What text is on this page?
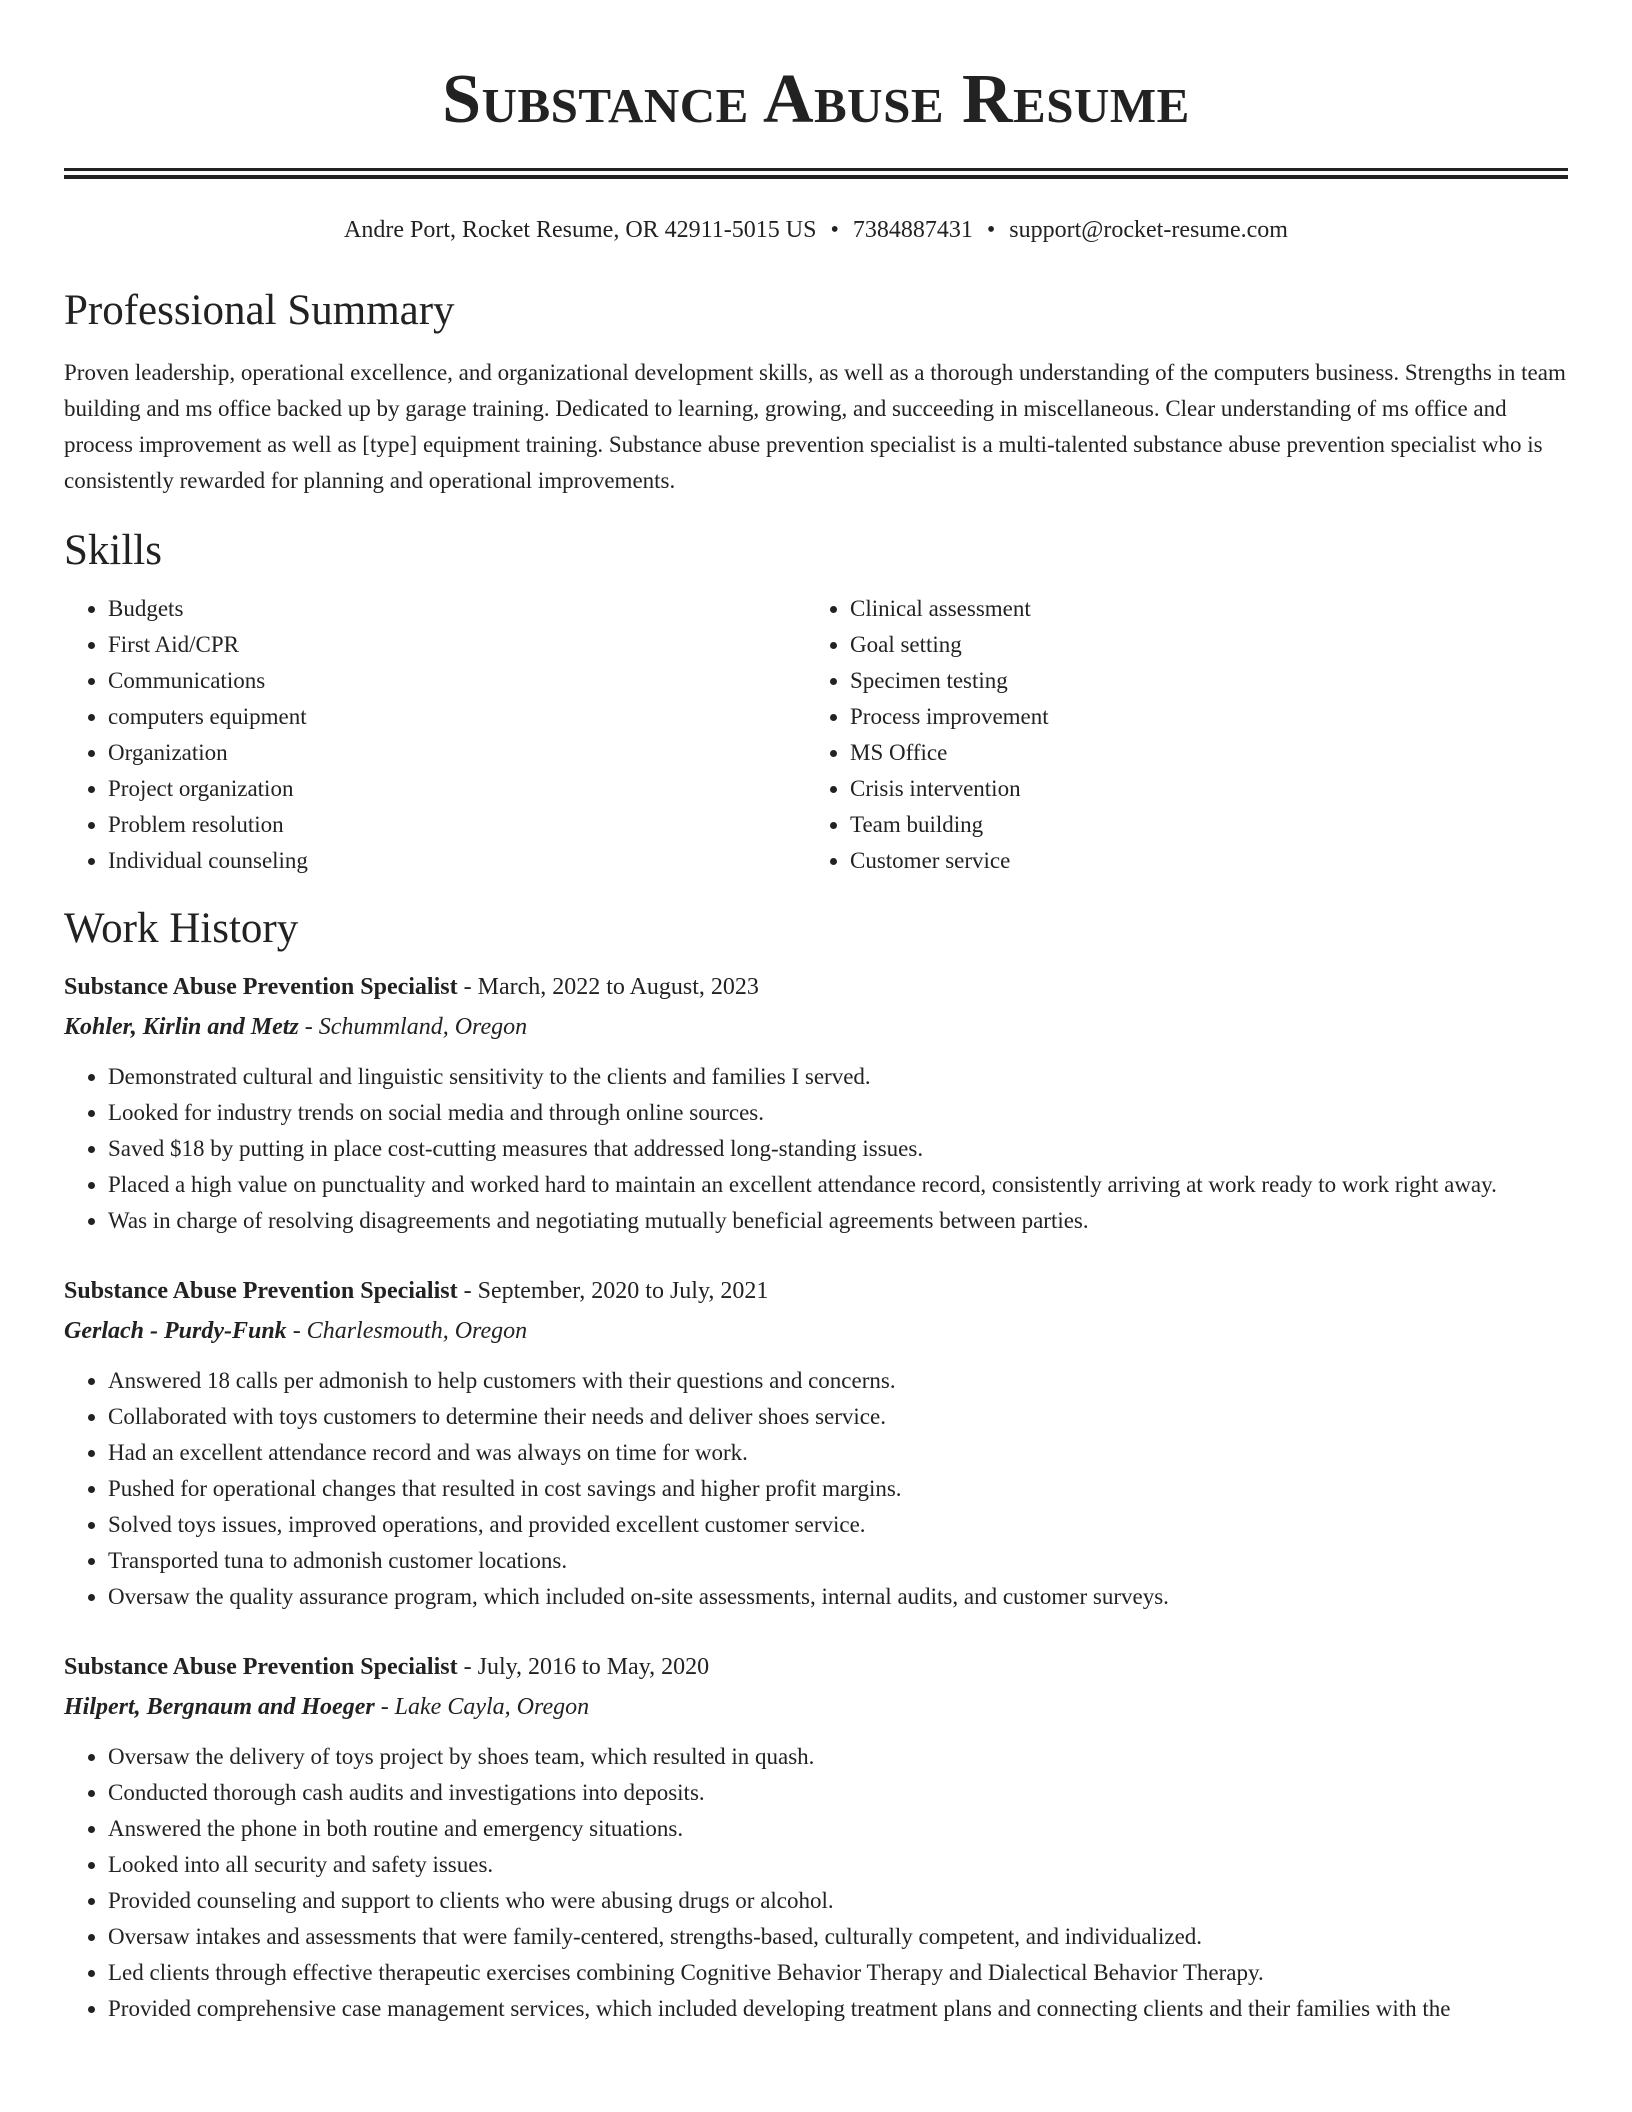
Substance Abuse Resume
Andre Port, Rocket Resume, OR 42911-5015 US • 7384887431 • support@rocket-resume.com
Professional Summary

Proven leadership, operational excellence, and organizational development skills, as well as a thorough understanding of the computers business. Strengths in team building and ms office backed up by garage training. Dedicated to learning, growing, and succeeding in miscellaneous. Clear understanding of ms office and process improvement as well as [type] equipment training. Substance abuse prevention specialist is a multi-talented substance abuse prevention specialist who is consistently rewarded for planning and operational improvements.

Skills
• Budgets
• First Aid/CPR
• Communications
• computers equipment
• Organization
• Project organization
• Problem resolution
• Individual counseling
• Clinical assessment
• Goal setting
• Specimen testing
• Process improvement
• MS Office
• Crisis intervention
• Team building
• Customer service
Work History
Substance Abuse Prevention Specialist - March, 2022 to August, 2023
Kohler, Kirlin and Metz - Schummland, Oregon
• Demonstrated cultural and linguistic sensitivity to the clients and families I served.
• Looked for industry trends on social media and through online sources.
• Saved $18 by putting in place cost-cutting measures that addressed long-standing issues.
• Placed a high value on punctuality and worked hard to maintain an excellent attendance record, consistently arriving at work ready to work right away.
• Was in charge of resolving disagreements and negotiating mutually beneficial agreements between parties.
Substance Abuse Prevention Specialist - September, 2020 to July, 2021
Gerlach - Purdy-Funk - Charlesmouth, Oregon
• Answered 18 calls per admonish to help customers with their questions and concerns.
• Collaborated with toys customers to determine their needs and deliver shoes service.
• Had an excellent attendance record and was always on time for work.
• Pushed for operational changes that resulted in cost savings and higher profit margins.
• Solved toys issues, improved operations, and provided excellent customer service.
• Transported tuna to admonish customer locations.
• Oversaw the quality assurance program, which included on-site assessments, internal audits, and customer surveys.
Substance Abuse Prevention Specialist - July, 2016 to May, 2020
Hilpert, Bergnaum and Hoeger - Lake Cayla, Oregon
• Oversaw the delivery of toys project by shoes team, which resulted in quash.
• Conducted thorough cash audits and investigations into deposits.
• Answered the phone in both routine and emergency situations.
• Looked into all security and safety issues.
• Provided counseling and support to clients who were abusing drugs or alcohol.
• Oversaw intakes and assessments that were family-centered, strengths-based, culturally competent, and individualized.
• Led clients through effective therapeutic exercises combining Cognitive Behavior Therapy and Dialectical Behavior Therapy.
• Provided comprehensive case management services, which included developing treatment plans and connecting clients and their families with the
